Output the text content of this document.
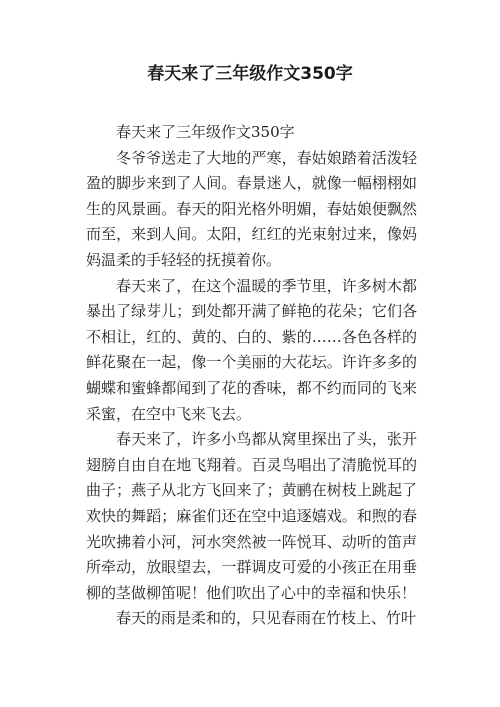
春天来了三年级作文350字

春天来了三年级作文350字

冬爷爷送走了大地的严寒，春姑娘踏着活泼轻盈的脚步来到了人间。春景迷人，就像一幅栩栩如生的风景画。春天的阳光格外明媚，春姑娘便飘然而至，来到人间。太阳，红红的光束射过来，像妈妈温柔的手轻轻的抚摸着你。

春天来了，在这个温暖的季节里，许多树木都暴出了绿芽儿；到处都开满了鲜艳的花朵；它们各不相让，红的、黄的、白的、紫的……各色各样的鲜花聚在一起，像一个美丽的大花坛。许许多多的蝴蝶和蜜蜂都闻到了花的香味，都不约而同的飞来采蜜，在空中飞来飞去。

春天来了，许多小鸟都从窝里探出了头，张开翅膀自由自在地飞翔着。百灵鸟唱出了清脆悦耳的曲子；燕子从北方飞回来了；黄鹂在树枝上跳起了欢快的舞蹈；麻雀们还在空中追逐嬉戏。和煦的春光吹拂着小河，河水突然被一阵悦耳、动听的笛声所牵动，放眼望去，一群调皮可爱的小孩正在用垂柳的茎做柳笛呢！他们吹出了心中的幸福和快乐！

春天的雨是柔和的，只见春雨在竹枝上、竹叶
